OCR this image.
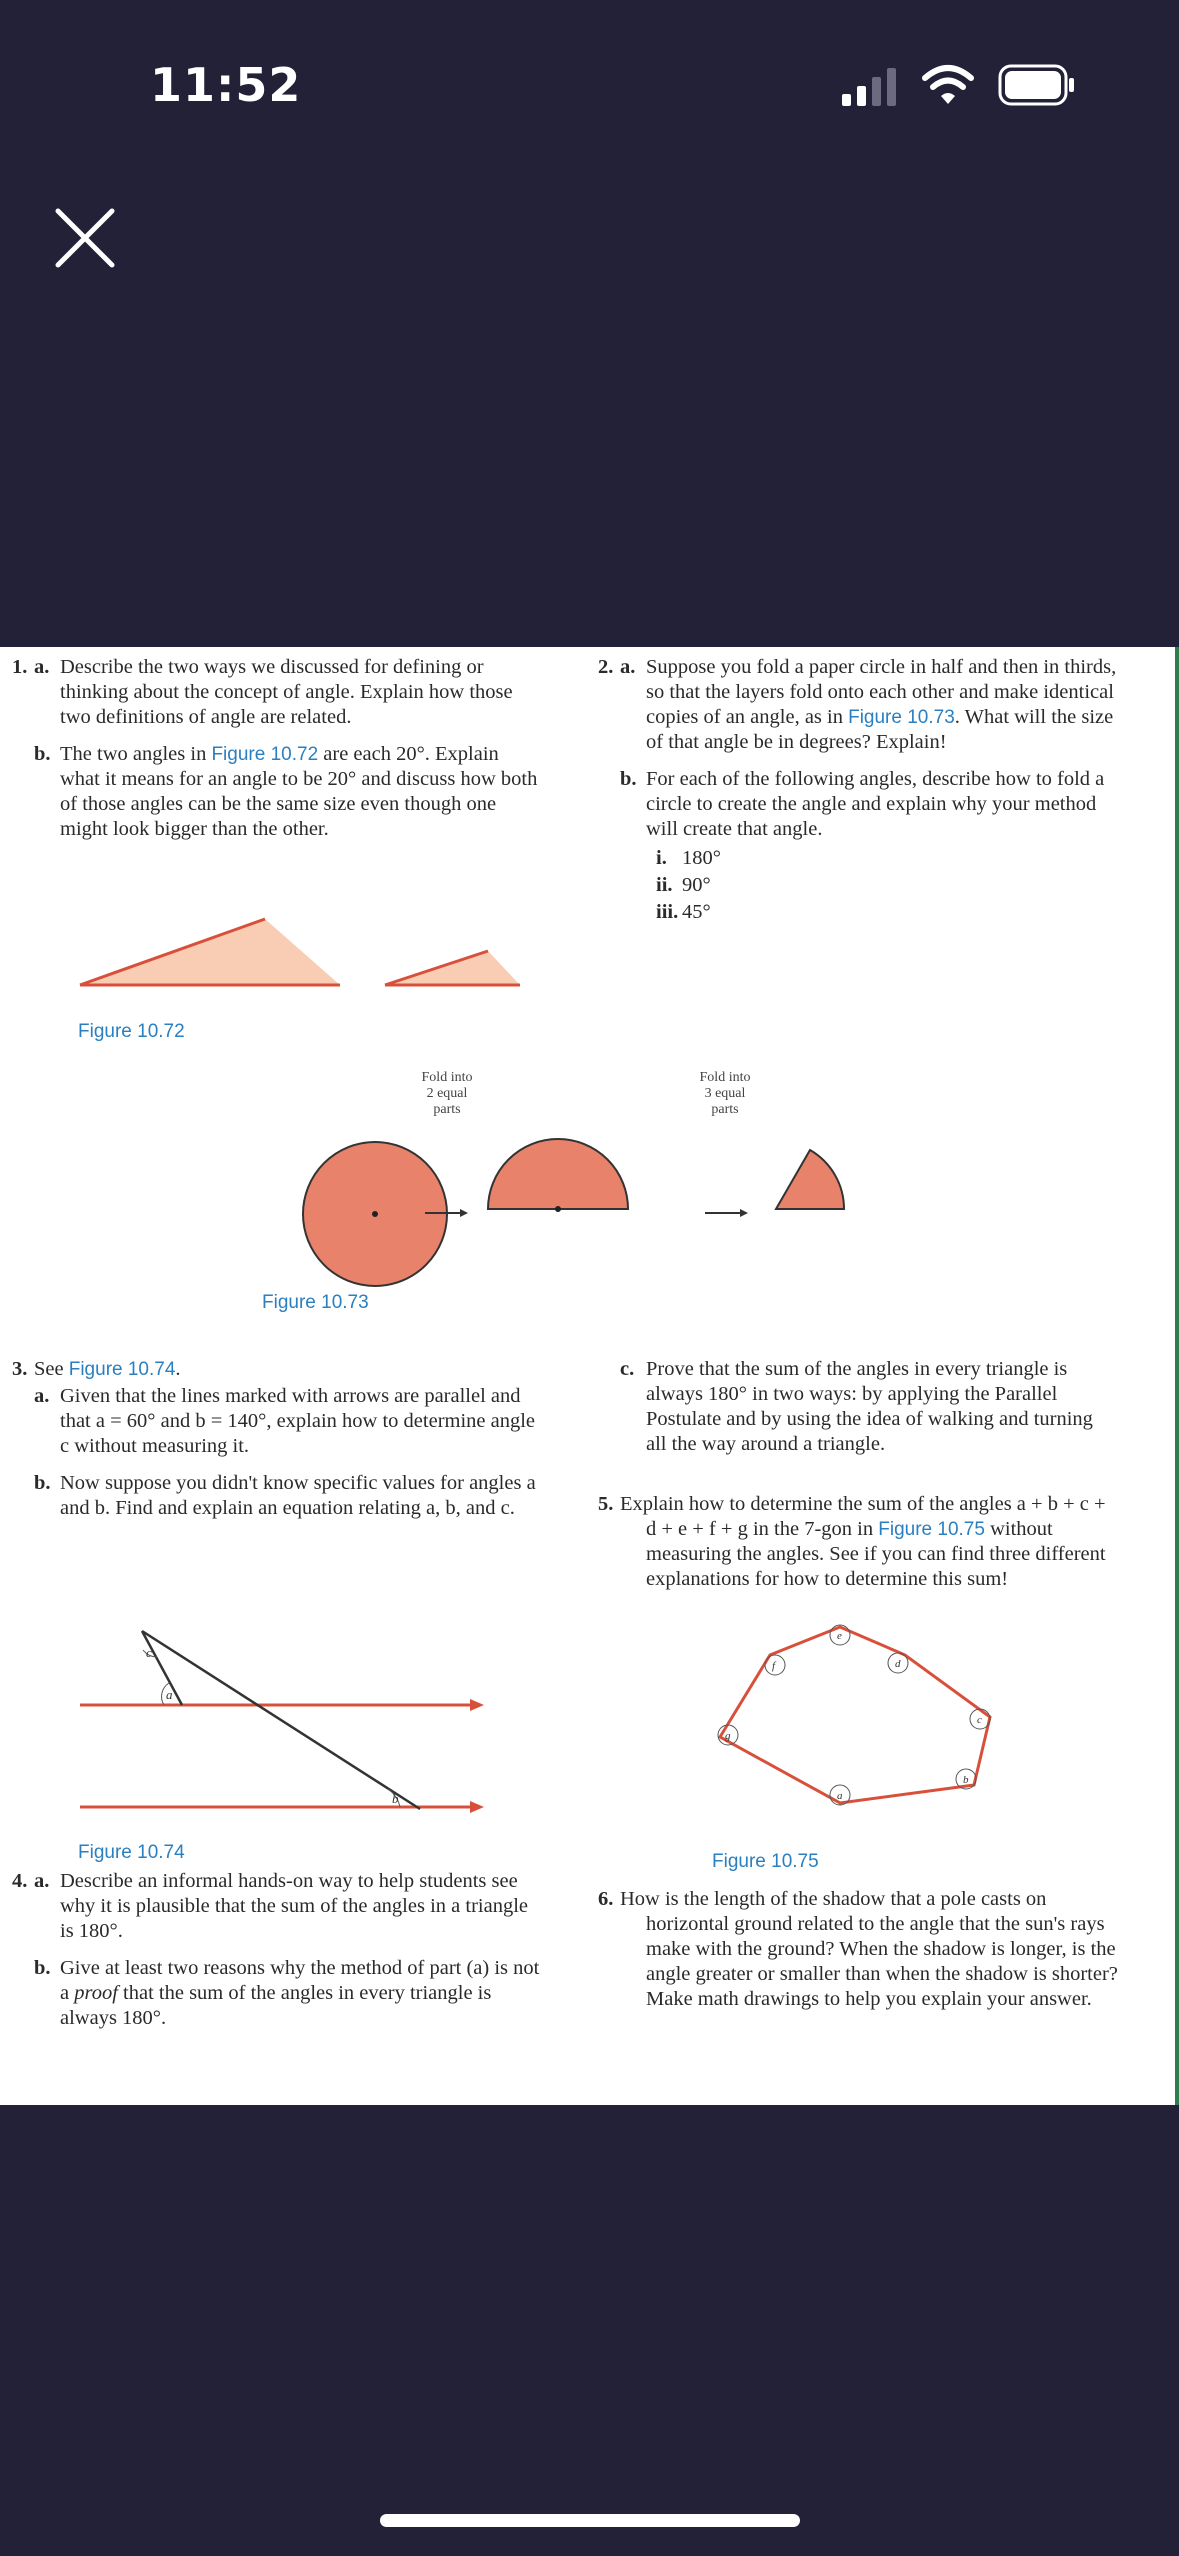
11:52
1. a. Describe the two ways we discussed for defining or thinking about the concept of angle. Explain how those two definitions of angle are related.
b. The two angles in Figure 10.72 are each 20°. Explain what it means for an angle to be 20° and discuss how both of those angles can be the same size even though one might look bigger than the other.
2. a. Suppose you fold a paper circle in half and then in thirds, so that the layers fold onto each other and make identical copies of an angle, as in Figure 10.73. What will the size of that angle be in degrees? Explain!
b. For each of the following angles, describe how to fold a circle to create the angle and explain why your method will create that angle.
i. 180°
ii. 90°
iii. 45°
Figure 10.72
Fold into
2 equal
parts
Fold into
3 equal
parts
Figure 10.73
3. See Figure 10.74.
a. Given that the lines marked with arrows are parallel and that a = 60° and b = 140°, explain how to determine angle c without measuring it.
b. Now suppose you didn't know specific values for angles a and b. Find and explain an equation relating a, b, and c.
c. Prove that the sum of the angles in every triangle is always 180° in two ways: by applying the Parallel Postulate and by using the idea of walking and turning all the way around a triangle.
5. Explain how to determine the sum of the angles a + b + c + d + e + f + g in the 7-gon in Figure 10.75 without measuring the angles. See if you can find three different explanations for how to determine this sum!
c
a
b
Figure 10.74
e
d
f
g
c
b
a
Figure 10.75
4. a. Describe an informal hands-on way to help students see why it is plausible that the sum of the angles in a triangle is 180°.
b. Give at least two reasons why the method of part (a) is not a proof that the sum of the angles in every triangle is always 180°.
6. How is the length of the shadow that a pole casts on horizontal ground related to the angle that the sun's rays make with the ground? When the shadow is longer, is the angle greater or smaller than when the shadow is shorter? Make math drawings to help you explain your answer.
